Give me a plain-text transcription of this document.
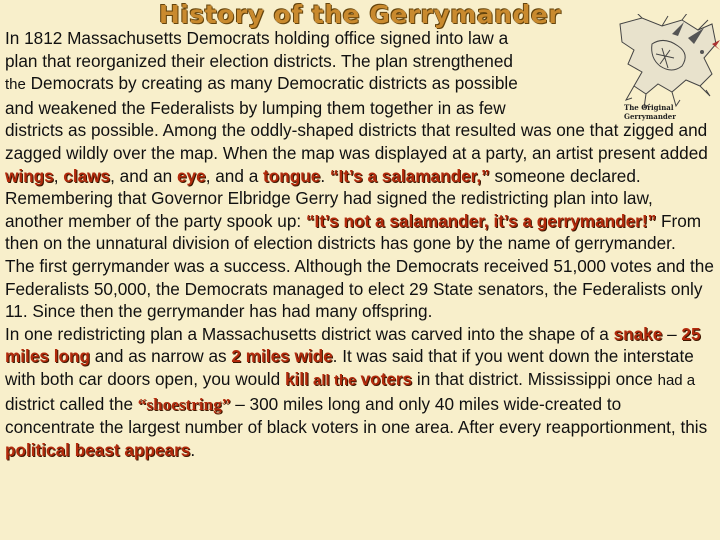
History of the Gerrymander
The Original Gerrymander
In 1812 Massachusetts Democrats holding office signed into law a
plan that reorganized their election districts. The plan strengthened
the Democrats by creating as many Democratic districts as possible
and weakened the Federalists by lumping them together in as few
districts as possible. Among the oddly-shaped districts that resulted was one that zigged and zagged wildly over the map. When the map was displayed at a party, an artist present added wings, claws, and an eye, and a tongue. “It’s a salamander,” someone declared. Remembering that Governor Elbridge Gerry had signed the redistricting plan into law, another member of the party spook up: “It’s not a salamander, it’s a gerrymander!” From then on the unnatural division of election districts has gone by the name of gerrymander.
The first gerrymander was a success. Although the Democrats received 51,000 votes and the Federalists 50,000, the Democrats managed to elect 29 State senators, the Federalists only 11. Since then the gerrymander has had many offspring.
In one redistricting plan a Massachusetts district was carved into the shape of a snake – 25 miles long and as narrow as 2 miles wide. It was said that if you went down the interstate with both car doors open, you would kill all the voters in that district. Mississippi once had a district called the “shoestring” – 300 miles long and only 40 miles wide-created to concentrate the largest number of black voters in one area. After every reapportionment, this political beast appears.
